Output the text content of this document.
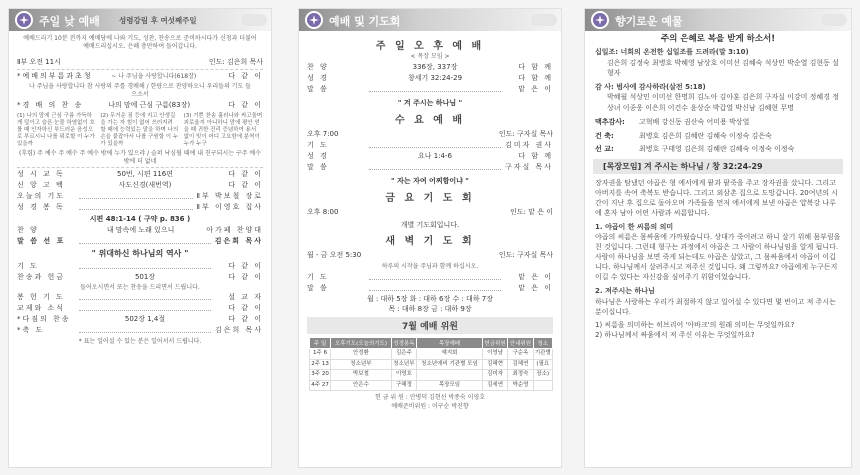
주일 낮 예배	성령강림 후 여섯째주일
예배드리기 10분 전까지 예배당에 나와 기도, 성찬, 찬송으로 준비하시다가 신청과 더불어 예배드리십시오. 은혜 충만하여 들어갑니다.
Ⅱ부 오전 11시	인도: 김은희 목사
*예배의부름과초청	~ 나 주님을 사랑합니다(618장)	다 같 이
나 주님을 사랑합니다 참 사랑의 주를 경배해 / 한량으로 찬양하오니 우리들의 기도 들으소서
*경 배 의 찬 송	나의 맘에 근심 구름(83장)	다 같 이
(1) 나의 맘에 근심 구름 가득하게 덮이고 슬픈 눈물 하염없이 흐를 때 인자하신 부드러운 음성으로 부르시니 나를 위로할 이 누가 있을까
(2) 무거운 짐 등에 지고 안생길을 가는 자 힘이 없어 쓰러지려 할 때에 능력있는 말을 하며 나의 손을 붙잡아서 나를 구원할 이 누가 있을까
(3) 기쁜 찬송 흘러나와 싸고돌며 괴로웁지 아니하니 맘에 평안 얻을 때 귀한 진리 증념하여 용서 없이 빚이 어디 고요함에 분씩이 누가 누구
(후렴) 주 예수 주 예수 주 예수 밖에 누가 있으랴 / 슬퍼 낙심될 때에 내 친구되시는 구주 예수 밖에 더 없네
성 시 교 독	50번, 시편 116편	다 같 이
신 앙 고 백	사도신경(새번역)	다 같 이
오늘의 기도	Ⅱ부 박보철 장로
성 경 봉 독	Ⅱ부 이영호 집사
시편 48:1-14 ( 구약 p. 836 )
찬 양	내 맘속에 노래 있으니	아가페 찬양대
말 씀 선 포	김은희 목사
" 위대하신 하나님의 역사 "
기 도	다 같 이
찬송과 헌금	501장	다 같 이
들어오시면서 또는 찬송을 드리면서 드립니다.
봉 헌 기 도	설 교 자
교제와 소식	다 같 이
*다짐의 찬송	502장 1,4절	다 같 이
*축 도	김은희 목사
* 표는 일어설 수 있는 분은 일어서서 드립니다.
예배 및 기도회
주 일 오 후 예 배
< 목장 모임 >
찬 양	336장, 337장	다 함 께
성 경	창세기 32:24-29	다 함 께
말 씀	맡 은 이
" 겨 주시는 하나님 "
수 요 예 배
오후 7:00	인도: 구자실 목사
기 도	김미자 권사
성 경	요나 1:4-6	다 함 께
말 씀	구자실 목사
" 자는 자여 어찌함이냐 "
금 요 기 도 회
오후 8:00	인도: 맡 은 이
개별 기도회입니다.
새 벽 기 도 회
월 - 금 오전 5:30	인도: 구자실 목사
하루의 시작을 주님과 함께 하십시오.
기 도	맡 은 이
말 씀	맡 은 이
월 : 대하 5장 화 : 대하 6장 수 : 대하 7장
목 : 대하 8장 금 : 대하 9장
7월 예배 위원
주 일	오후기도(오늘의기도)	성경봉독	목장예배	헌금위원	안내위원	청소
1주 6	안정환	김은주	예지회	이영남	구순옥	기관별
2주 13	청소년부	청소년부	청소년에비 기관별 모임	김혜현	김혜연	(필요
3주 20	박보철	이영호		김미자	최정숙	장소)
4주 27	안은수	구혜정	목장모임	김세연	박순영	
헌 금 위 원 : 안병덕 김현선 박종숙 이영호
예배준비위원 : 이구순 박진향
향기로운 예물
주의 은혜로 복을 받게 하소서!
십일조: 너희의 온전한 십일조를 드려라(말 3:10)
김은희 김정숙 최병호 박혜영 남상호 이미선 김혜숙 석상민 박순열 김현동 설형자
감 사: 범사에 감사하라(살전 5:18)
박혜월 석상민 이미선 한명희 김노아 김아훈 김은희 구자실 이강미 정혜경 정상녀 이종웅 이은희 이건수 윤상순 박갑열 박신남 김혜현 무명
맥추감사:	고혁배 강신동 권산숙 어미용 박상열
건 축:	최병호 김은희 김혜란 김혜숙 이정숙 김은숙
선 교:	최병호 구태영 김은희 김혜란 김혜숙 이정숙 이정숙
[목장모임] 겨 주시는 하나님 / 창 32:24-29
장자권을 탐냈던 야곱은 형 에서에게 팥과 팥죽을 주고 장자권을 샀니다. 그리고 아버지를 속여 축복도 받습니다. 그리고 외삼촌 집으로 도망갑니다. 20여년의 시간이 지난 후 집으로 돌아오며 가족들을 먼저 에서에게 보낸 야곱은 얍복강 나루에 혼자 남아 어떤 사람과 씨름합니다.
1. 야곱이 한 씨름의 의미
야곱의 씨름은 몸싸움에 가까웠습니다. 상대가 죽이려고 하니 살기 위해 몸부림을 친 것입니다. 그런데 형구는 과정에서 야곱은 그 사람이 하나님임을 알게 됩니다. 사람이 하나님을 보면 죽게 되는데도 야곱은 살았고, 그 몸싸움에서 야곱이 이깁니다. 하나님께서 살려주시고 져주신 것입니다. 왜 그렇까요? 야곱에게 누구든지 이길 수 있다는 자신감을 심어주기 위함이었습니다.
2. 져주시는 하나님
하나님은 사랑하는 우리가 최절하지 않고 일어설 수 있다면 몇 번이고 져 주시는 분이십니다.
1) 씨름을 의미하는 히브리어 '아바크'의 원래 의미는 무엇일까요?
2) 하나님께서 싸움에서 져 주신 이유는 무엇일까요?
